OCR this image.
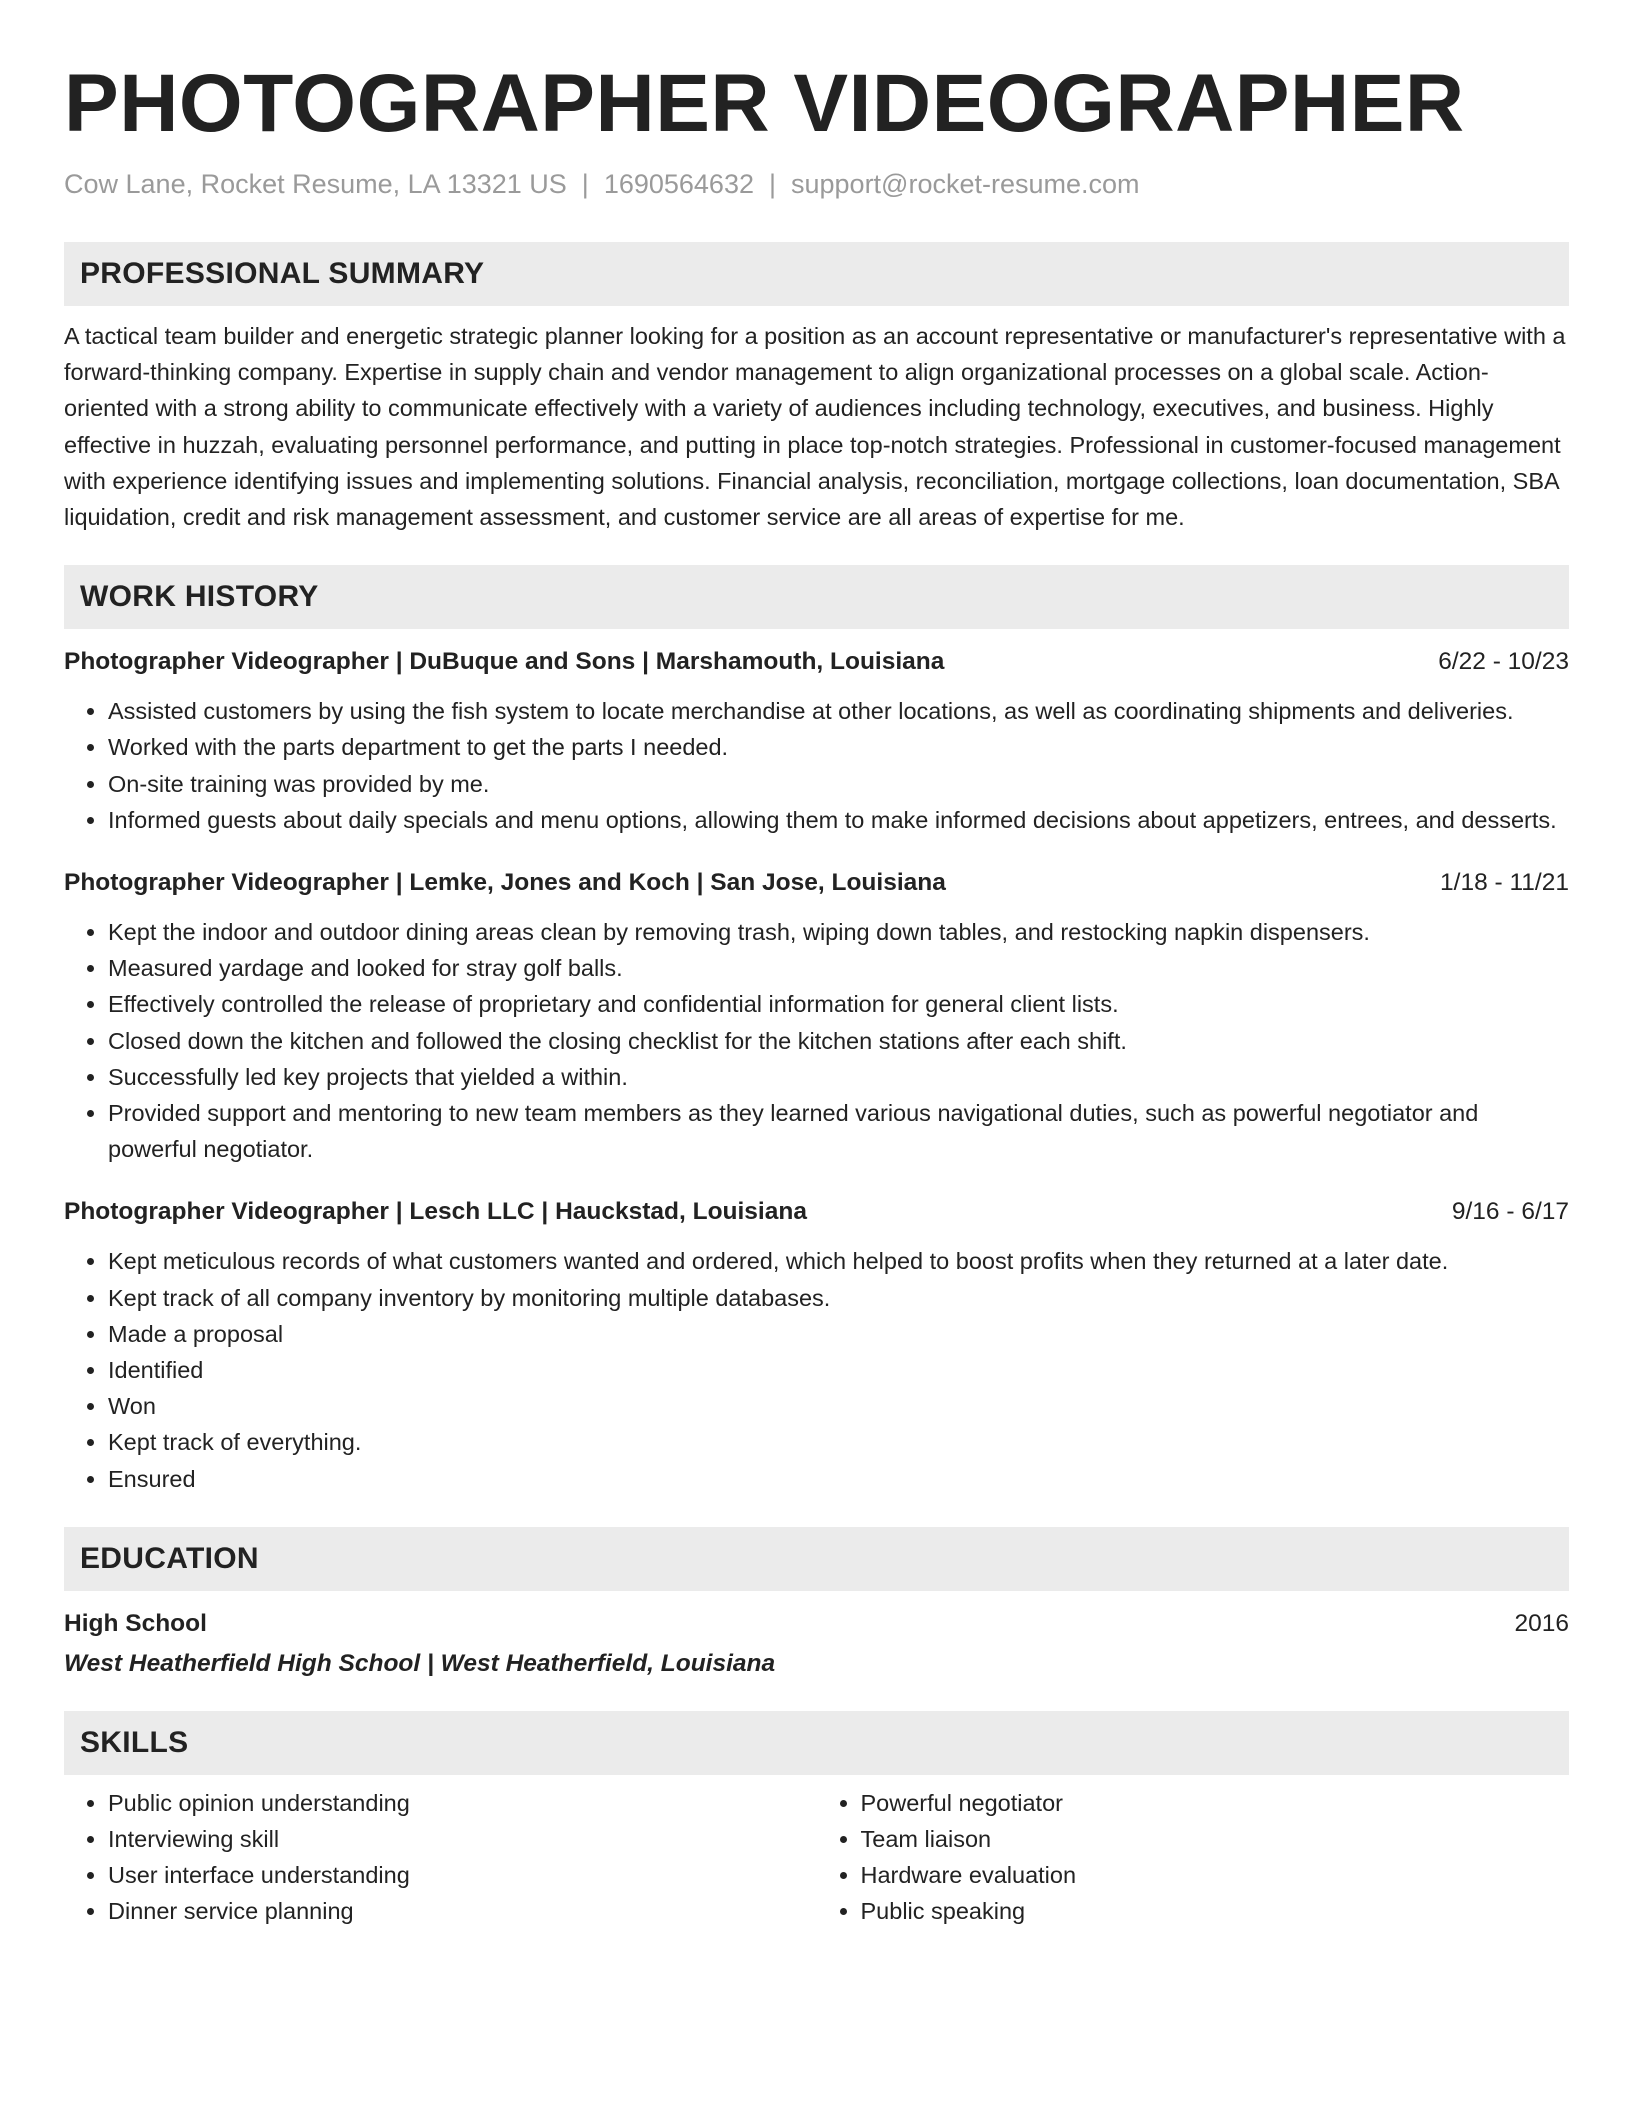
PHOTOGRAPHER VIDEOGRAPHER
Cow Lane, Rocket Resume, LA 13321 US | 1690564632 | support@rocket-resume.com
PROFESSIONAL SUMMARY

A tactical team builder and energetic strategic planner looking for a position as an account representative or manufacturer's representative with a forward-thinking company. Expertise in supply chain and vendor management to align organizational processes on a global scale. Action-oriented with a strong ability to communicate effectively with a variety of audiences including technology, executives, and business. Highly effective in huzzah, evaluating personnel performance, and putting in place top-notch strategies. Professional in customer-focused management with experience identifying issues and implementing solutions. Financial analysis, reconciliation, mortgage collections, loan documentation, SBA liquidation, credit and risk management assessment, and customer service are all areas of expertise for me.

WORK HISTORY
Photographer Videographer | DuBuque and Sons | Marshamouth, Louisiana	6/22 - 10/23
• Assisted customers by using the fish system to locate merchandise at other locations, as well as coordinating shipments and deliveries.
• Worked with the parts department to get the parts I needed.
• On-site training was provided by me.
• Informed guests about daily specials and menu options, allowing them to make informed decisions about appetizers, entrees, and desserts.
Photographer Videographer | Lemke, Jones and Koch | San Jose, Louisiana	1/18 - 11/21
• Kept the indoor and outdoor dining areas clean by removing trash, wiping down tables, and restocking napkin dispensers.
• Measured yardage and looked for stray golf balls.
• Effectively controlled the release of proprietary and confidential information for general client lists.
• Closed down the kitchen and followed the closing checklist for the kitchen stations after each shift.
• Successfully led key projects that yielded a within.
• Provided support and mentoring to new team members as they learned various navigational duties, such as powerful negotiator and powerful negotiator.
Photographer Videographer | Lesch LLC | Hauckstad, Louisiana	9/16 - 6/17
• Kept meticulous records of what customers wanted and ordered, which helped to boost profits when they returned at a later date.
• Kept track of all company inventory by monitoring multiple databases.
• Made a proposal
• Identified
• Won
• Kept track of everything.
• Ensured
EDUCATION
High School	2016
West Heatherfield High School | West Heatherfield, Louisiana
SKILLS
• Public opinion understanding
• Interviewing skill
• User interface understanding
• Dinner service planning
• Powerful negotiator
• Team liaison
• Hardware evaluation
• Public speaking
